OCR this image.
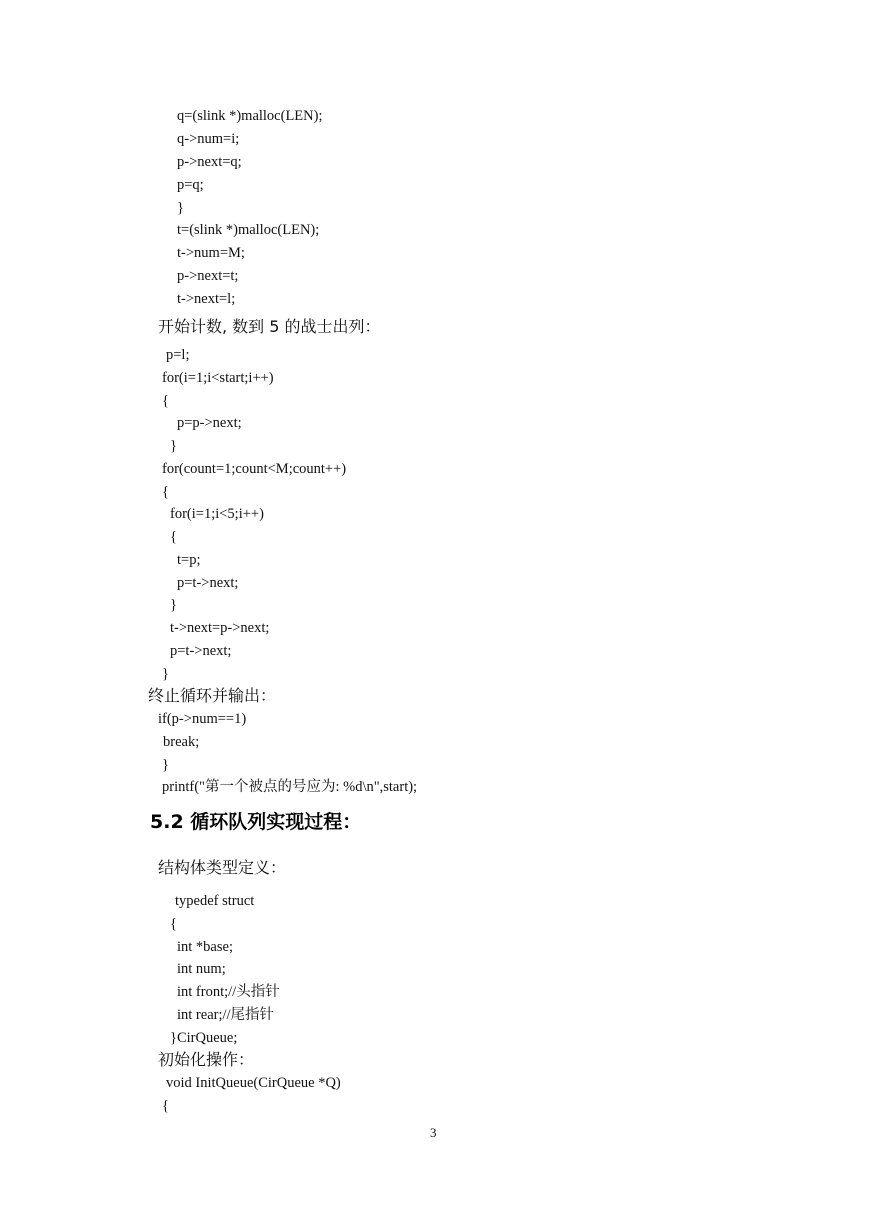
q=(slink *)malloc(LEN);
q->num=i;
p->next=q;
p=q;
}
t=(slink *)malloc(LEN);
t->num=M;
p->next=t;
t->next=l;
开始计数, 数到 5 的战士出列：
p=l;
for(i=1;i<start;i++)
{
p=p->next;
}
for(count=1;count<M;count++)
{
for(i=1;i<5;i++)
{
t=p;
p=t->next;
}
t->next=p->next;
p=t->next;
}
终止循环并输出：
if(p->num==1)
break;
}
printf("第一个被点的号应为: %d\n",start);
5.2 循环队列实现过程：
结构体类型定义：
typedef struct
{
int *base;
int num;
int front;//头指针
int rear;//尾指针
}CirQueue;
初始化操作：
void InitQueue(CirQueue *Q)
{
3
